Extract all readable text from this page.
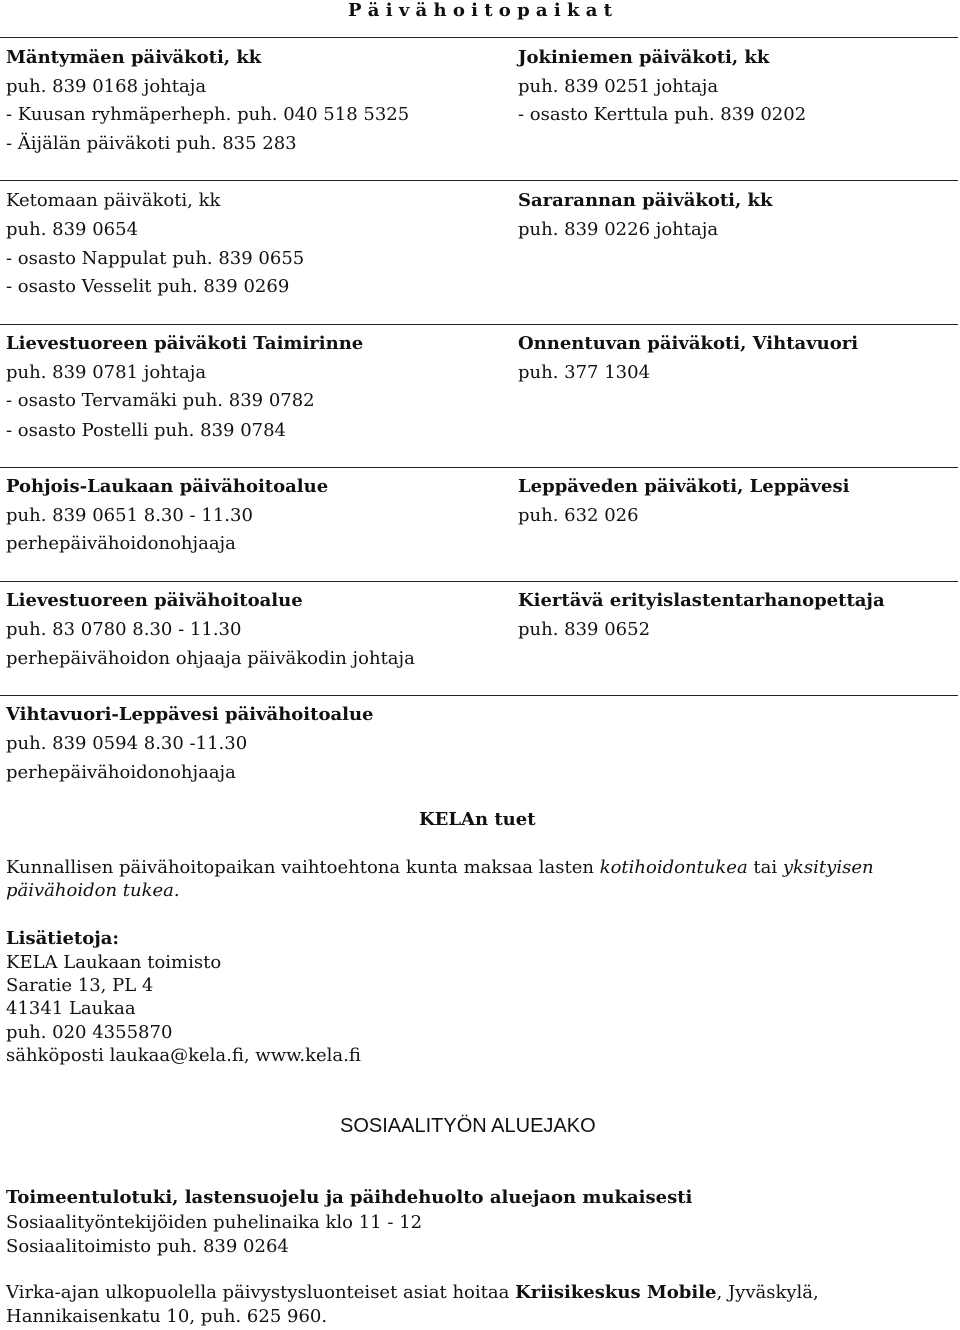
P ä i v ä h o i t o p a i k a t
Mäntymäen päiväkoti, kk
puh. 839 0168 johtaja
- Kuusan ryhmäperheph. puh. 040 518 5325
- Äijälän päiväkoti puh. 835 283
Jokiniemen päiväkoti, kk
puh. 839 0251 johtaja
- osasto Kerttula puh. 839 0202
Ketomaan päiväkoti, kk
puh. 839 0654
- osasto Nappulat puh. 839 0655
- osasto Vesselit puh. 839 0269
Sararannan päiväkoti, kk
puh. 839 0226 johtaja
Lievestuoreen päiväkoti Taimirinne
puh. 839 0781 johtaja
- osasto Tervamäki puh. 839 0782
- osasto Postelli puh. 839 0784
Onnentuvan päiväkoti, Vihtavuori
puh. 377 1304
Pohjois-Laukaan päivähoitoalue
puh. 839 0651 8.30 - 11.30
perhepäivähoidonohjaaja
Leppäveden päiväkoti, Leppävesi
puh. 632 026
Lievestuoreen päivähoitoalue
puh. 83 0780 8.30 - 11.30
perhepäivähoidon ohjaaja päiväkodin johtaja
Kiertävä erityislastentarhanopettaja
puh. 839 0652
Vihtavuori-Leppävesi päivähoitoalue
puh. 839 0594 8.30 -11.30
perhepäivähoidonohjaaja
KELAn tuet
Kunnallisen päivähoitopaikan vaihtoehtona kunta maksaa lasten kotihoidontukea tai yksityisen
päivähoidon tukea.
Lisätietoja:
KELA Laukaan toimisto
Saratie 13, PL 4
41341 Laukaa
puh. 020 4355870
sähköposti laukaa@kela.fi, www.kela.fi
SOSIAALITYÖN ALUEJAKO
Toimeentulotuki, lastensuojelu ja päihdehuolto aluejaon mukaisesti
Sosiaalityöntekijöiden puhelinaika klo 11 - 12
Sosiaalitoimisto puh. 839 0264
Virka-ajan ulkopuolella päivystysluonteiset asiat hoitaa Kriisikeskus Mobile, Jyväskylä,
Hannikaisenkatu 10, puh. 625 960.
